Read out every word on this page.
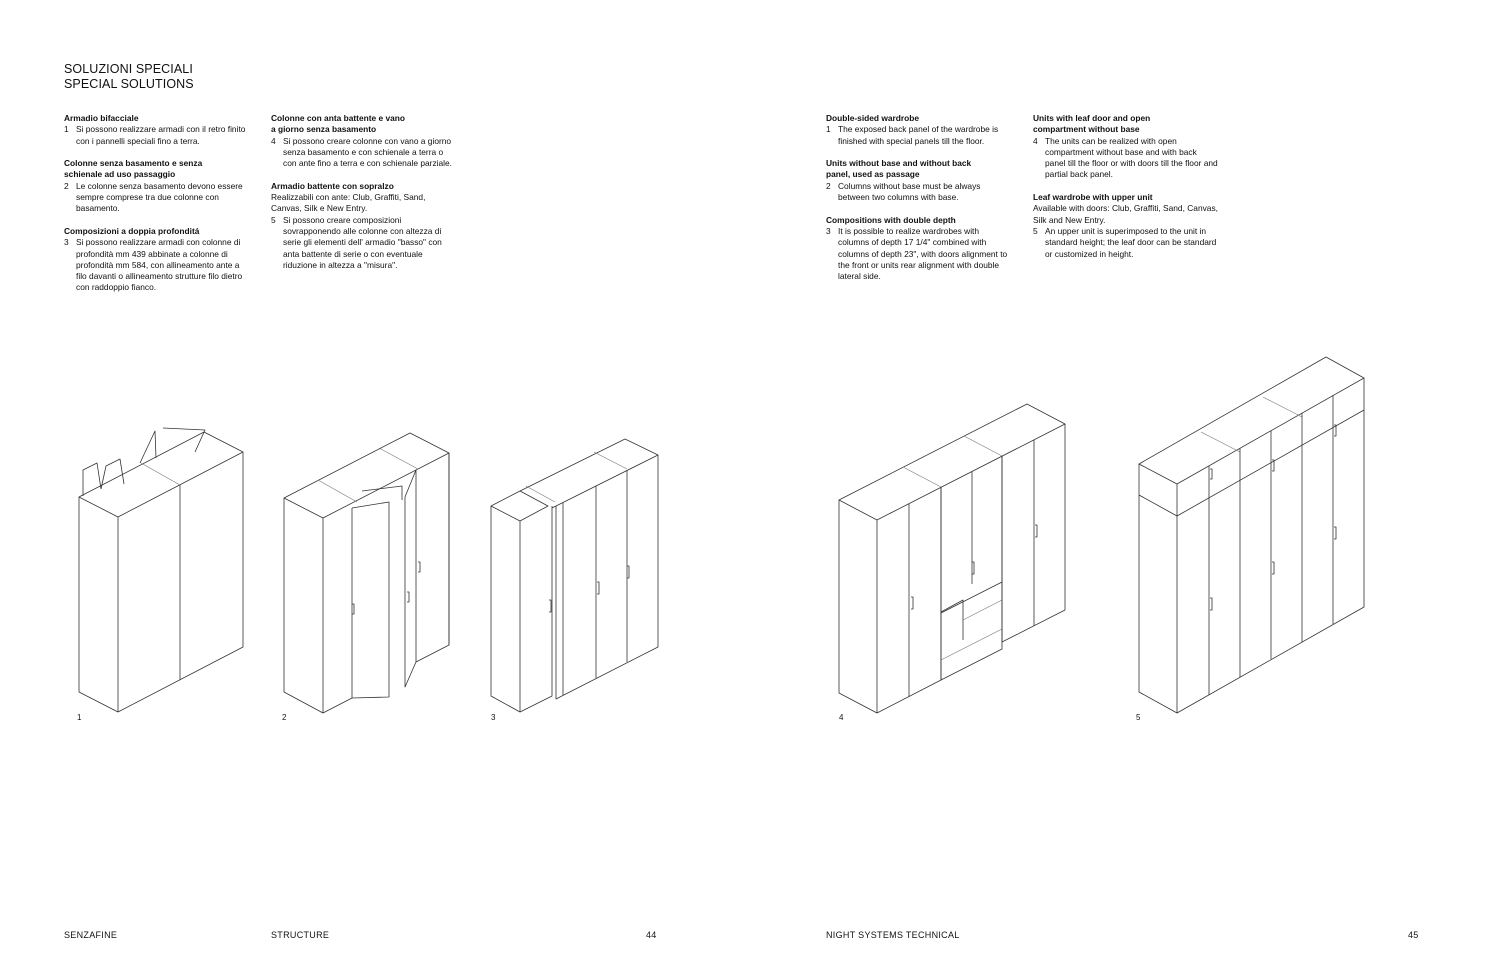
SOLUZIONI SPECIALI
SPECIAL SOLUTIONS
Armadio bifacciale
1 Si possono realizzare armadi con il retro finito con i pannelli speciali fino a terra.
Colonne senza basamento e senza
schienale ad uso passaggio
2 Le colonne senza basamento devono essere sempre comprese tra due colonne con basamento.
Composizioni a doppia profonditá
3 Si possono realizzare armadi con colonne di profondità mm 439 abbinate a colonne di profondità mm 584, con allineamento ante a filo davanti o allineamento strutture filo dietro con raddoppio fianco.
Colonne con anta battente e vano
a giorno senza basamento
4 Si possono creare colonne con vano a giorno senza basamento e con schienale a terra o con ante fino a terra e con schienale parziale.
Armadio battente con sopralzo
Realizzabili con ante: Club, Graffiti, Sand, Canvas, Silk e New Entry.
5 Si possono creare composizioni sovrapponendo alle colonne con altezza di serie gli elementi dell' armadio "basso" con anta battente di serie o con eventuale riduzione in altezza a "misura".
Double-sided wardrobe
1 The exposed back panel of the wardrobe is finished with special panels till the floor.
Units without base and without back
panel, used as passage
2 Columns without base must be always between two columns with base.
Compositions with double depth
3 It is possible to realize wardrobes with columns of depth 17 1/4" combined with columns of depth 23", with doors alignment to the front or units rear alignment with double lateral side.
Units with leaf door and open
compartment without base
4 The units can be realized with open compartment without base and with back panel till the floor or with doors till the floor and partial back panel.
Leaf wardrobe with upper unit
Available with doors: Club, Graffiti, Sand, Canvas, Silk and New Entry.
5 An upper unit is superimposed to the unit in standard height; the leaf door can be standard or customized in height.
1	2	3	4	5
SENZAFINE	STRUCTURE	44	NIGHT SYSTEMS TECHNICAL	45
